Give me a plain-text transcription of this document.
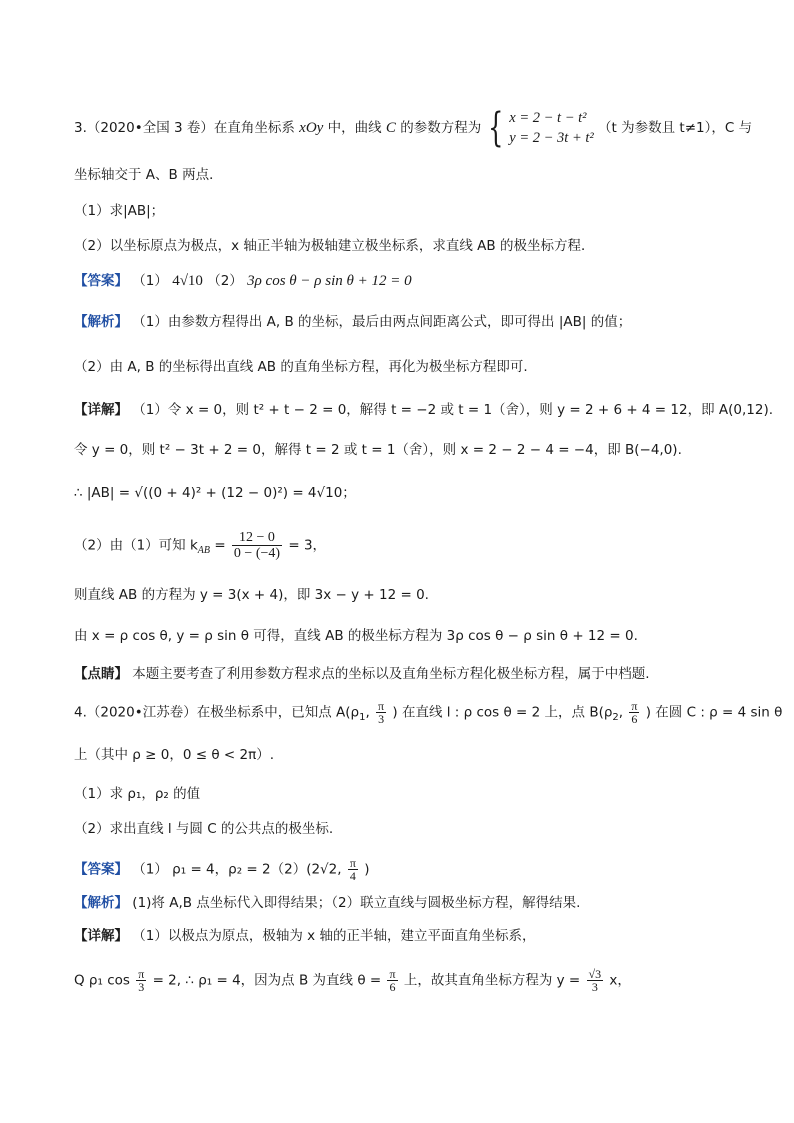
3.（2020•全国 3 卷）在直角坐标系 xOy 中，曲线 C 的参数方程为 { x = 2 − t − t²
y = 2 − 3t + t²
（t 为参数且 t≠1），C 与
坐标轴交于 A、B 两点．
（1）求|AB|；
（2）以坐标原点为极点，x 轴正半轴为极轴建立极坐标系，求直线 AB 的极坐标方程．
【答案】 （1） 4√10 （2） 3ρ cos θ − ρ sin θ + 12 = 0
【解析】 （1）由参数方程得出 A, B 的坐标，最后由两点间距离公式，即可得出 |AB| 的值；
（2）由 A, B 的坐标得出直线 AB 的直角坐标方程，再化为极坐标方程即可.
【详解】 （1）令 x = 0，则 t² + t − 2 = 0，解得 t = −2 或 t = 1（舍），则 y = 2 + 6 + 4 = 12，即 A(0,12).
令 y = 0，则 t² − 3t + 2 = 0，解得 t = 2 或 t = 1（舍），则 x = 2 − 2 − 4 = −4，即 B(−4,0).
∴ |AB| = √((0 + 4)² + (12 − 0)²) = 4√10；
（2）由（1）可知 $k_{AB} = \frac{12 - 0}{0 - (-4)} = 3$，
则直线 AB 的方程为 y = 3(x + 4)，即 3x − y + 12 = 0.
由 x = ρ cos θ, y = ρ sin θ 可得，直线 AB 的极坐标方程为 3ρ cos θ − ρ sin θ + 12 = 0.
【点睛】 本题主要考查了利用参数方程求点的坐标以及直角坐标方程化极坐标方程，属于中档题.
4.（2020•江苏卷）在极坐标系中，已知点 $A(\rho_1$, $\frac{\pi}{3}$ ) 在直线 l : ρ cos θ = 2 上，点 $B(\rho_2$, $\frac{\pi}{6}$ ) 在圆 C : ρ = 4 sin θ
上（其中 ρ ≥ 0，0 ≤ θ < 2π）.
（1）求 ρ₁，ρ₂ 的值
（2）求出直线 l 与圆 C 的公共点的极坐标.
【答案】 （1） ρ₁ = 4，ρ₂ = 2（2）(2√2, $\frac{\pi}{4}$ )
【解析】 (1)将 A,B 点坐标代入即得结果；（2）联立直线与圆极坐标方程，解得结果.
【详解】 （1）以极点为原点，极轴为 x 轴的正半轴，建立平面直角坐标系，
Q ρ₁ $\cos \frac{\pi}{3} = 2$, ∴ ρ₁ = 4，因为点 B 为直线 $\theta = \frac{\pi}{6}$ 上，故其直角坐标方程为 $y = \frac{√3}{3}$ x，
